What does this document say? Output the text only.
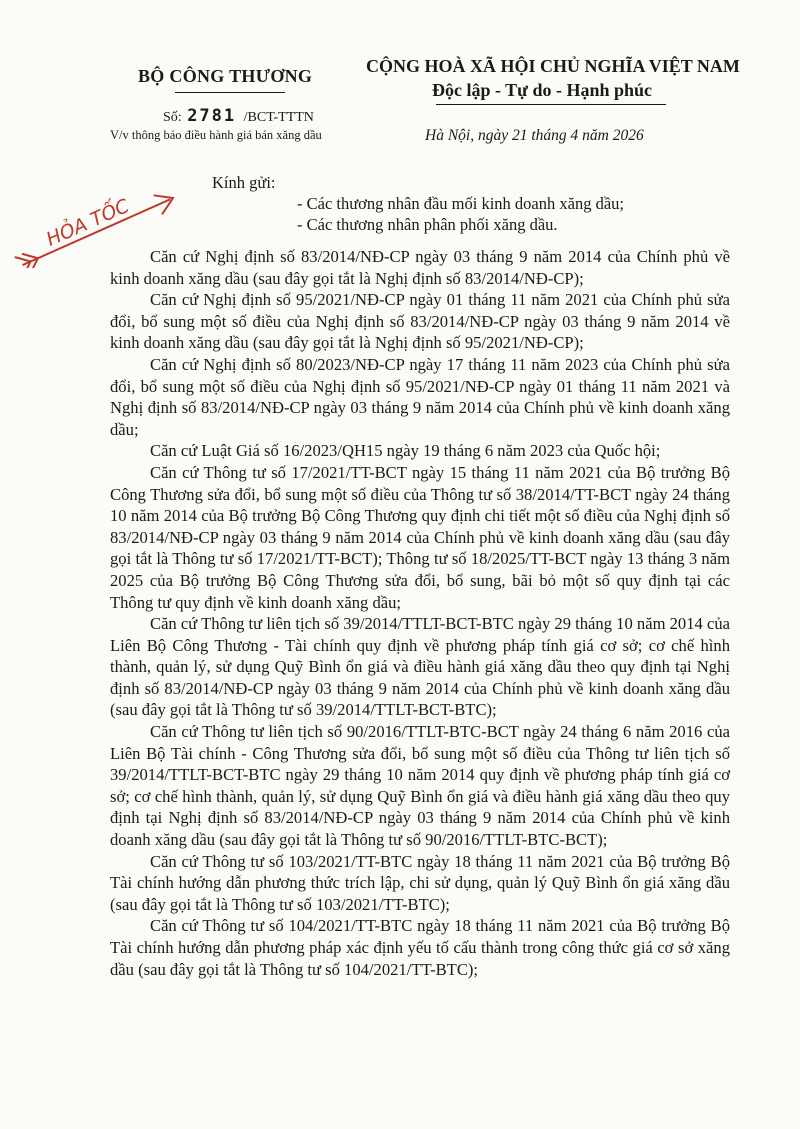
BỘ CÔNG THƯƠNG	CỘNG HOÀ XÃ HỘI CHỦ NGHĨA VIỆT NAM
Độc lập - Tự do - Hạnh phúc
Số: 2781 /BCT-TTTN
V/v thông báo điều hành giá bán xăng dầu	Hà Nội, ngày 21 tháng 4 năm 2026
HỎA TỐC
Kính gửi:
- Các thương nhân đầu mối kinh doanh xăng dầu;
- Các thương nhân phân phối xăng dầu.

Căn cứ Nghị định số 83/2014/NĐ-CP ngày 03 tháng 9 năm 2014 của Chính phủ về kinh doanh xăng dầu (sau đây gọi tắt là Nghị định số 83/2014/NĐ-CP);

Căn cứ Nghị định số 95/2021/NĐ-CP ngày 01 tháng 11 năm 2021 của Chính phủ sửa đổi, bổ sung một số điều của Nghị định số 83/2014/NĐ-CP ngày 03 tháng 9 năm 2014 về kinh doanh xăng dầu (sau đây gọi tắt là Nghị định số 95/2021/NĐ-CP);

Căn cứ Nghị định số 80/2023/NĐ-CP ngày 17 tháng 11 năm 2023 của Chính phủ sửa đổi, bổ sung một số điều của Nghị định số 95/2021/NĐ-CP ngày 01 tháng 11 năm 2021 và Nghị định số 83/2014/NĐ-CP ngày 03 tháng 9 năm 2014 của Chính phủ về kinh doanh xăng dầu;

Căn cứ Luật Giá số 16/2023/QH15 ngày 19 tháng 6 năm 2023 của Quốc hội;

Căn cứ Thông tư số 17/2021/TT-BCT ngày 15 tháng 11 năm 2021 của Bộ trưởng Bộ Công Thương sửa đổi, bổ sung một số điều của Thông tư số 38/2014/TT-BCT ngày 24 tháng 10 năm 2014 của Bộ trưởng Bộ Công Thương quy định chi tiết một số điều của Nghị định số 83/2014/NĐ-CP ngày 03 tháng 9 năm 2014 của Chính phủ về kinh doanh xăng dầu (sau đây gọi tắt là Thông tư số 17/2021/TT-BCT); Thông tư số 18/2025/TT-BCT ngày 13 tháng 3 năm 2025 của Bộ trưởng Bộ Công Thương sửa đổi, bổ sung, bãi bỏ một số quy định tại các Thông tư quy định về kinh doanh xăng dầu;

Căn cứ Thông tư liên tịch số 39/2014/TTLT-BCT-BTC ngày 29 tháng 10 năm 2014 của Liên Bộ Công Thương - Tài chính quy định về phương pháp tính giá cơ sở; cơ chế hình thành, quản lý, sử dụng Quỹ Bình ổn giá và điều hành giá xăng dầu theo quy định tại Nghị định số 83/2014/NĐ-CP ngày 03 tháng 9 năm 2014 của Chính phủ về kinh doanh xăng dầu (sau đây gọi tắt là Thông tư số 39/2014/TTLT-BCT-BTC);

Căn cứ Thông tư liên tịch số 90/2016/TTLT-BTC-BCT ngày 24 tháng 6 năm 2016 của Liên Bộ Tài chính - Công Thương sửa đổi, bổ sung một số điều của Thông tư liên tịch số 39/2014/TTLT-BCT-BTC ngày 29 tháng 10 năm 2014 quy định về phương pháp tính giá cơ sở; cơ chế hình thành, quản lý, sử dụng Quỹ Bình ổn giá và điều hành giá xăng dầu theo quy định tại Nghị định số 83/2014/NĐ-CP ngày 03 tháng 9 năm 2014 của Chính phủ về kinh doanh xăng dầu (sau đây gọi tắt là Thông tư số 90/2016/TTLT-BTC-BCT);

Căn cứ Thông tư số 103/2021/TT-BTC ngày 18 tháng 11 năm 2021 của Bộ trưởng Bộ Tài chính hướng dẫn phương thức trích lập, chi sử dụng, quản lý Quỹ Bình ổn giá xăng dầu (sau đây gọi tắt là Thông tư số 103/2021/TT-BTC);

Căn cứ Thông tư số 104/2021/TT-BTC ngày 18 tháng 11 năm 2021 của Bộ trưởng Bộ Tài chính hướng dẫn phương pháp xác định yếu tố cấu thành trong công thức giá cơ sở xăng dầu (sau đây gọi tắt là Thông tư số 104/2021/TT-BTC);
